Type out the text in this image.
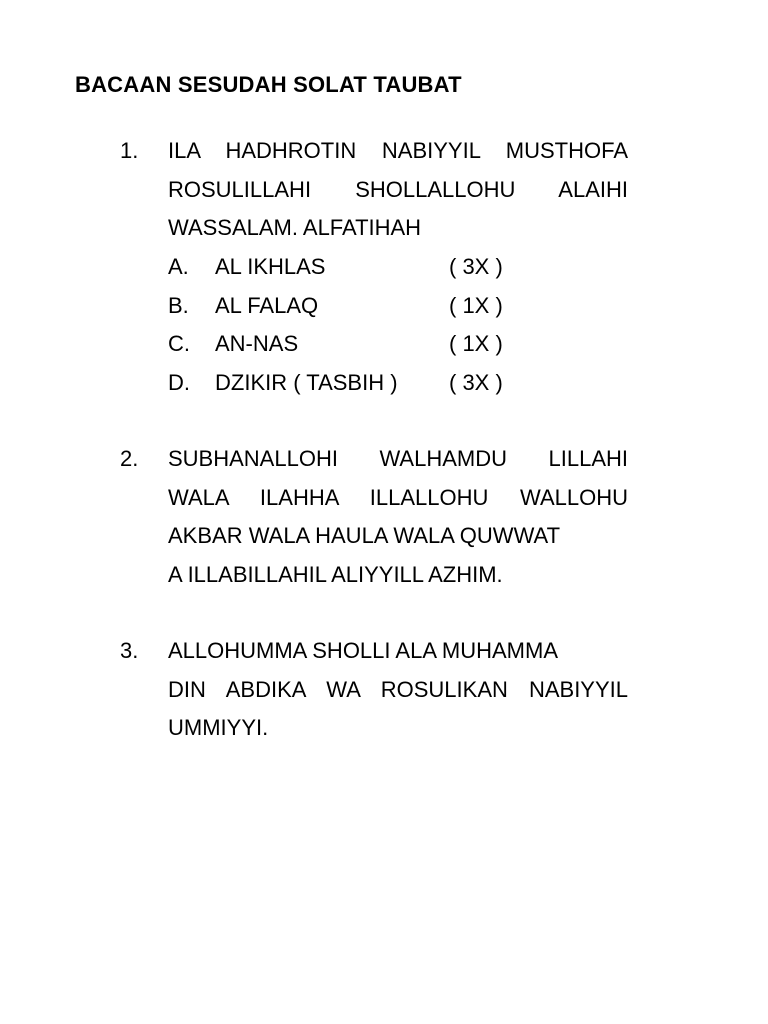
BACAAN SESUDAH SOLAT TAUBAT
1. ILA HADHROTIN NABIYYIL MUSTHOFA
ROSULILLAHI SHOLLALLOHU ALAIHI
WASSALAM. ALFATIHAH
A. AL IKHLAS	( 3X )
B. AL FALAQ	( 1X )
C. AN-NAS	( 1X )
D. DZIKIR ( TASBIH ) ( 3X )
2. SUBHANALLOHI WALHAMDU LILLAHI
WALA ILAHHA ILLALLOHU WALLOHU
AKBAR WALA HAULA WALA QUWWAT
A ILLABILLAHIL ALIYYILL AZHIM.
3. ALLOHUMMA SHOLLI ALA MUHAMMA
DIN ABDIKA WA ROSULIKAN NABIYYIL
UMMIYYI.
